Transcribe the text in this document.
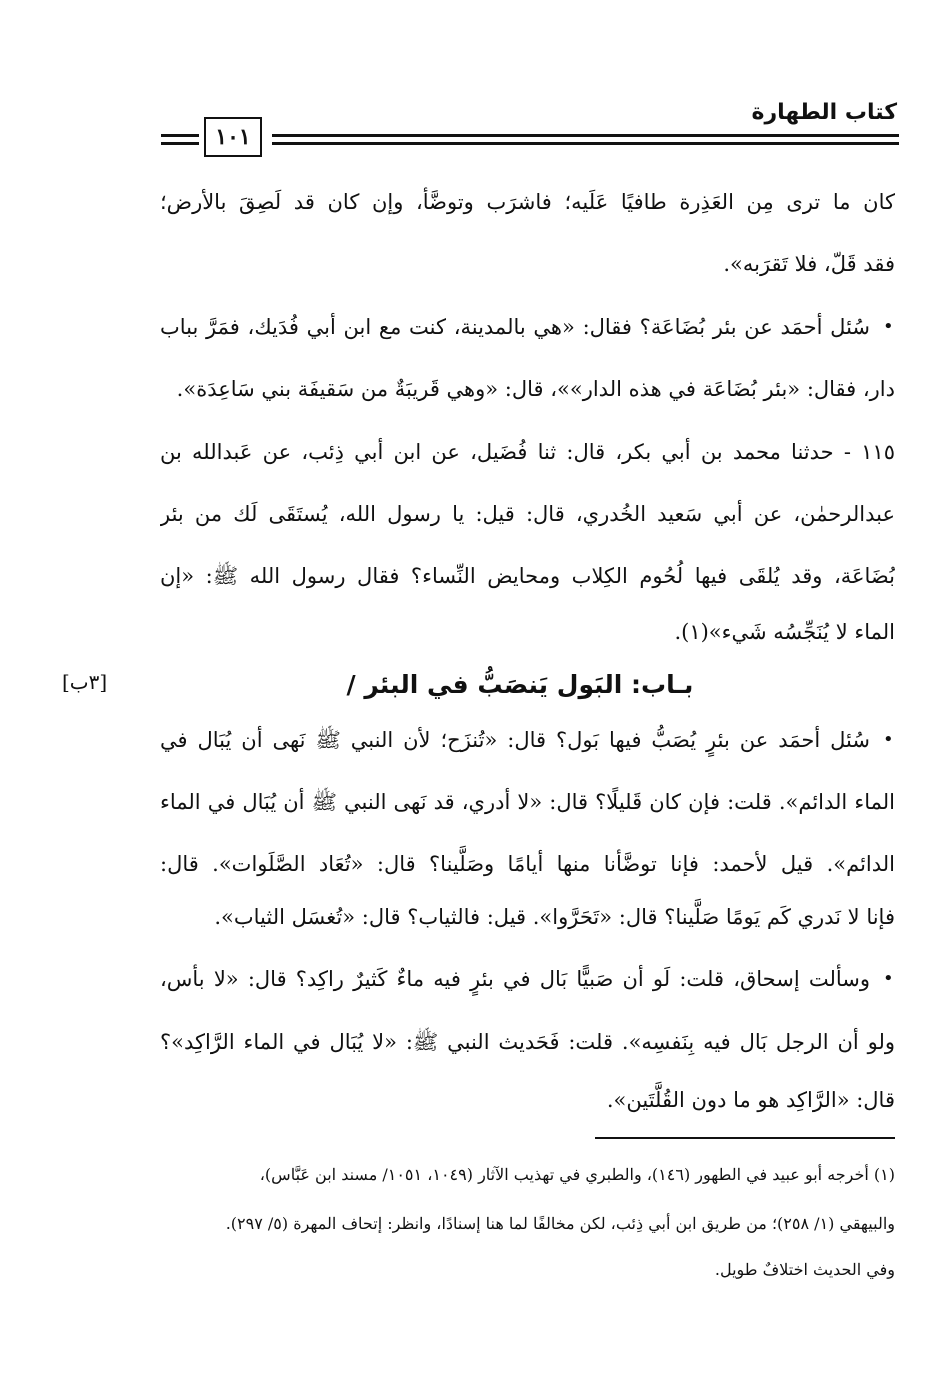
كتاب الطهارة
١٠١
كان ما ترى مِن العَذِرة طافيًا عَلَيه؛ فاشرَب وتوضَّأ، وإن كان قد لَصِقَ بالأرض؛
فقد قَلّ، فلا تَقرَبه».
•
سُئل أحمَد عن بئر بُضَاعَة؟ فقال: «هي بالمدينة، كنت مع ابن أبي فُدَيك، فمَرَّ بباب
دار، فقال: «بئر بُضَاعَة في هذه الدار»»، قال: «وهي قَريبَةٌ من سَقيفَة بني سَاعِدَة».
١١٥ - حدثنا محمد بن أبي بكر، قال: ثنا فُضَيل، عن ابن أبي ذِئب، عن عَبدالله بن
عبدالرحمٰن، عن أبي سَعيد الخُدري، قال: قيل: يا رسول الله، يُستَقَى لَك من بئر
بُضَاعَة، وقد يُلقَى فيها لُحُوم الكِلاب ومحايض النِّساء؟ فقال رسول الله ﷺ: «إن
الماء لا يُنَجِّسُه شَيء»(١).
بـاب: البَول يَنصَبُّ في البئر /
[٣ب]
•
سُئل أحمَد عن بئرٍ يُصَبُّ فيها بَول؟ قال: «تُنزَح؛ لأن النبي ﷺ نَهى أن يُبَال في
الماء الدائم». قلت: فإن كان قَليلًا؟ قال: «لا أدري، قد نَهى النبي ﷺ أن يُبَال في الماء
الدائم». قيل لأحمد: فإنا توضَّأنا منها أيامًا وصَلَّينا؟ قال: «تُعَاد الصَّلَوات». قال:
فإنا لا نَدري كَم يَومًا صَلَّينا؟ قال: «تَحَرَّوا». قيل: فالثياب؟ قال: «تُغسَل الثياب».
•
وسألت إسحاق، قلت: لَو أن صَبيًّا بَال في بئرٍ فيه ماءٌ كَثيرٌ راكِد؟ قال: «لا بأس،
ولو أن الرجل بَال فيه بِنَفسِه». قلت: فَحَديث النبي ﷺ: «لا يُبَال في الماء الرَّاكِد»؟
قال: «الرَّاكِد هو ما دون القُلَّتَين».
(١) أخرجه أبو عبيد في الطهور (١٤٦)، والطبري في تهذيب الآثار (١٠٤٩، ١٠٥١/ مسند ابن عَبَّاس)،
والبيهقي (١/ ٢٥٨)؛ من طريق ابن أبي ذِئب، لكن مخالفًا لما هنا إسنادًا، وانظر: إتحاف المهرة (٥/ ٢٩٧).
وفي الحديث اختلافٌ طويل.
